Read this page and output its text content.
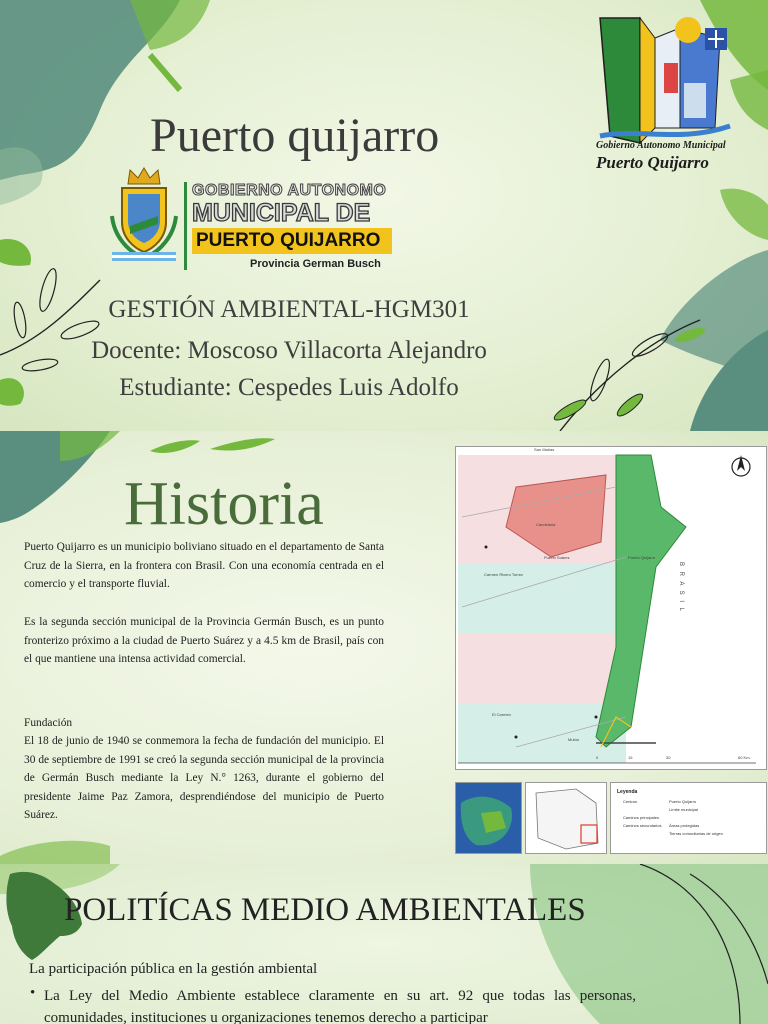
Puerto quijarro	Gobierno Autonomo Municipal
Puerto Quijarro
GOBIERNO AUTONOMO
MUNICIPAL DE
PUERTO QUIJARRO
Provincia German Busch
GESTIÓN AMBIENTAL-HGM301
Docente: Moscoso Villacorta Alejandro
Estudiante: Cespedes Luis Adolfo
Historia

Puerto Quijarro es un municipio boliviano situado en el departamento de Santa Cruz de la Sierra, en la frontera con Brasil. Con una economía centrada en el comercio y el transporte fluvial.

Es la segunda sección municipal de la Provincia Germán Busch, es un punto fronterizo próximo a la ciudad de Puerto Suárez y a 4.5 km de Brasil, país con el que mantiene una intensa actividad comercial.

Fundación

El 18 de junio de 1940 se conmemora la fecha de fundación del municipio. El 30 de septiembre de 1991 se creó la segunda sección municipal de la provincia de Germán Busch mediante la Ley N.° 1263, durante el gobierno del presidente Jaime Paz Zamora, desprendiéndose del municipio de Puerto Suárez.

San Matías
Puerto Suárez	Puerto Quijarro
Carmen Rivero Torrez
El Carmen
Candelaria
Mutún
B R A S I L
0	15	30	60 Km.
Leyenda
Centros	Puerto Quijarro
Límite municipal
Caminos principales
Caminos secundarios Áreas protegidas
Tierras comunitarias de origen
POLITÍCAS MEDIO AMBIENTALES
La participación pública en la gestión ambiental
• La Ley del Medio Ambiente establece claramente en su art. 92 que todas las personas, comunidades, instituciones u organizaciones tenemos derecho a participar
